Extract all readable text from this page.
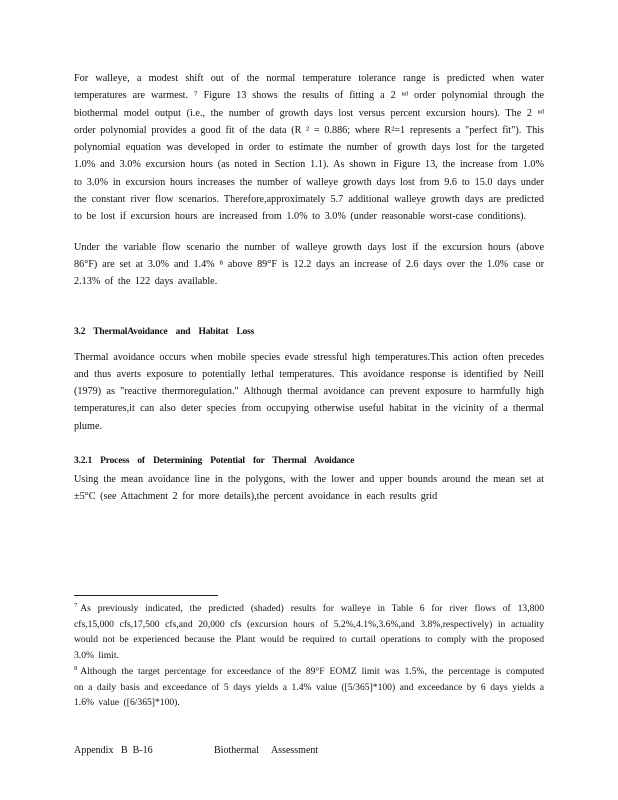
For walleye, a modest shift out of the normal temperature tolerance range is predicted when water temperatures are warmest. ⁷ Figure 13 shows the results of fitting a 2 ⁿᵈ order polynomial through the biothermal model output (i.e., the number of growth days lost versus percent excursion hours). The 2 ⁿᵈ order polynomial provides a good fit of the data (R ² = 0.886; where R²=1 represents a "perfect fit"). This polynomial equation was developed in order to estimate the number of growth days lost for the targeted 1.0% and 3.0% excursion hours (as noted in Section 1.1). As shown in Figure 13, the increase from 1.0% to 3.0% in excursion hours increases the number of walleye growth days lost from 9.6 to 15.0 days under the constant river flow scenarios. Therefore,approximately 5.7 additional walleye growth days are predicted to be lost if excursion hours are increased from 1.0% to 3.0% (under reasonable worst-case conditions).

Under the variable flow scenario the number of walleye growth days lost if the excursion hours (above 86°F) are set at 3.0% and 1.4% ⁸ above 89°F is 12.2 days an increase of 2.6 days over the 1.0% case or 2.13% of the 122 days available.

3.2 ThermalAvoidance and Habitat Loss

Thermal avoidance occurs when mobile species evade stressful high temperatures.This action often precedes and thus averts exposure to potentially lethal temperatures. This avoidance response is identified by Neill (1979) as "reactive thermoregulation." Although thermal avoidance can prevent exposure to harmfully high temperatures,it can also deter species from occupying otherwise useful habitat in the vicinity of a thermal plume.

3.2.1 Process of Determining Potential for Thermal Avoidance

Using the mean avoidance line in the polygons, with the lower and upper bounds around the mean set at ±5°C (see Attachment 2 for more details),the percent avoidance in each results grid

$^7$ As previously indicated, the predicted (shaded) results for walleye in Table 6 for river flows of 13,800 cfs,15,000 cfs,17,500 cfs,and 20,000 cfs (excursion hours of 5.2%,4.1%,3.6%,and 3.8%,respectively) in actuality would not be experienced because the Plant would be required to curtail operations to comply with the proposed 3.0% limit.

$^8$ Although the target percentage for exceedance of the 89°F EOMZ limit was 1.5%, the percentage is computed on a daily basis and exceedance of 5 days yields a 1.4% value ([5/365]*100) and exceedance by 6 days yields a 1.6% value ([6/365]*100).

Appendix   B  B-16	Biothermal     Assessment
